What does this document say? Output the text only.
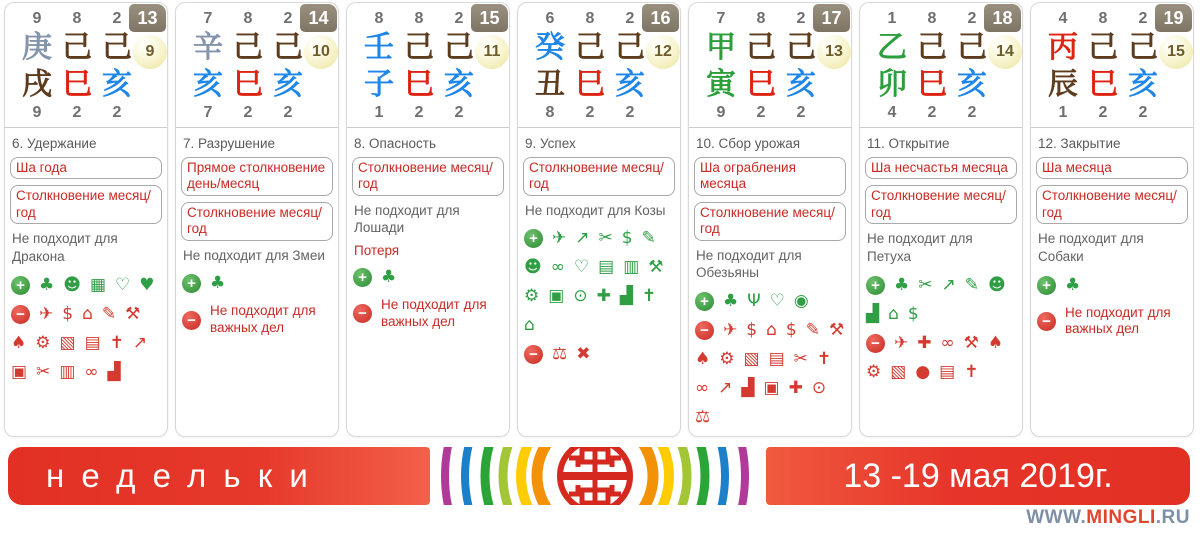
13
9
9	8	2
庚 己 己
戌 巳 亥
9	2	2
6. Удержание
Ша года
Столкновение месяц/год
Не подходит для Дракона
+ ♣ ☻ ▦ ♡ ♥
− ✈ $ ⌂ ✎ ⚒
♠ ⚙ ▧ ▤ ✝ ↗
▣ ✂ ▥ ∞ ▟
14
10
7	8	2
辛 己 己
亥 巳 亥
7	2	2
7. Разрушение
Прямое столкновение день/месяц
Столкновение месяц/год
Не подходит для Змеи
+ ♣
−
Не подходит для важных дел
15
11
8	8	2
壬 己 己
子 巳 亥
1	2	2
8. Опасность
Столкновение месяц/год
Не подходит для Лошади
Потеря
+ ♣
−
Не подходит для важных дел
16
12
6	8	2
癸 己 己
丑 巳 亥
8	2	2
9. Успех
Столкновение месяц/год
Не подходит для Козы
+ ✈ ↗ ✂ $ ✎
☻ ∞ ♡ ▤ ▥ ⚒
⚙ ▣ ⊙ ✚ ▟ ✝
⌂
− ⚖ ✖
17
13
7	8	2
甲 己 己
寅 巳 亥
9	2	2
10. Сбор урожая
Ша ограбления месяца
Столкновение месяц/год
Не подходит для Обезьяны
+ ♣ Ψ ♡ ◉
− ✈ $ ⌂ $ ✎ ⚒
♠ ⚙ ▧ ▤ ✂ ✝
∞ ↗ ▟ ▣ ✚ ⊙
⚖
18
14
1	8	2
乙 己 己
卯 巳 亥
4	2	2
11. Открытие
Ша несчастья месяца
Столкновение месяц/год
Не подходит для Петуха
+ ♣ ✂ ↗ ✎ ☻
▟ ⌂ $
− ✈ ✚ ∞ ⚒ ♠
⚙ ▧ ● ▤ ✝
19
15
4	8	2
丙 己 己
辰 巳 亥
1	2	2
12. Закрытие
Ша месяца
Столкновение месяц/год
Не подходит для Собаки
+ ♣
−
Не подходит для важных дел
недельки	13 -19 мая 2019г.
WWW.MINGLI.RU
